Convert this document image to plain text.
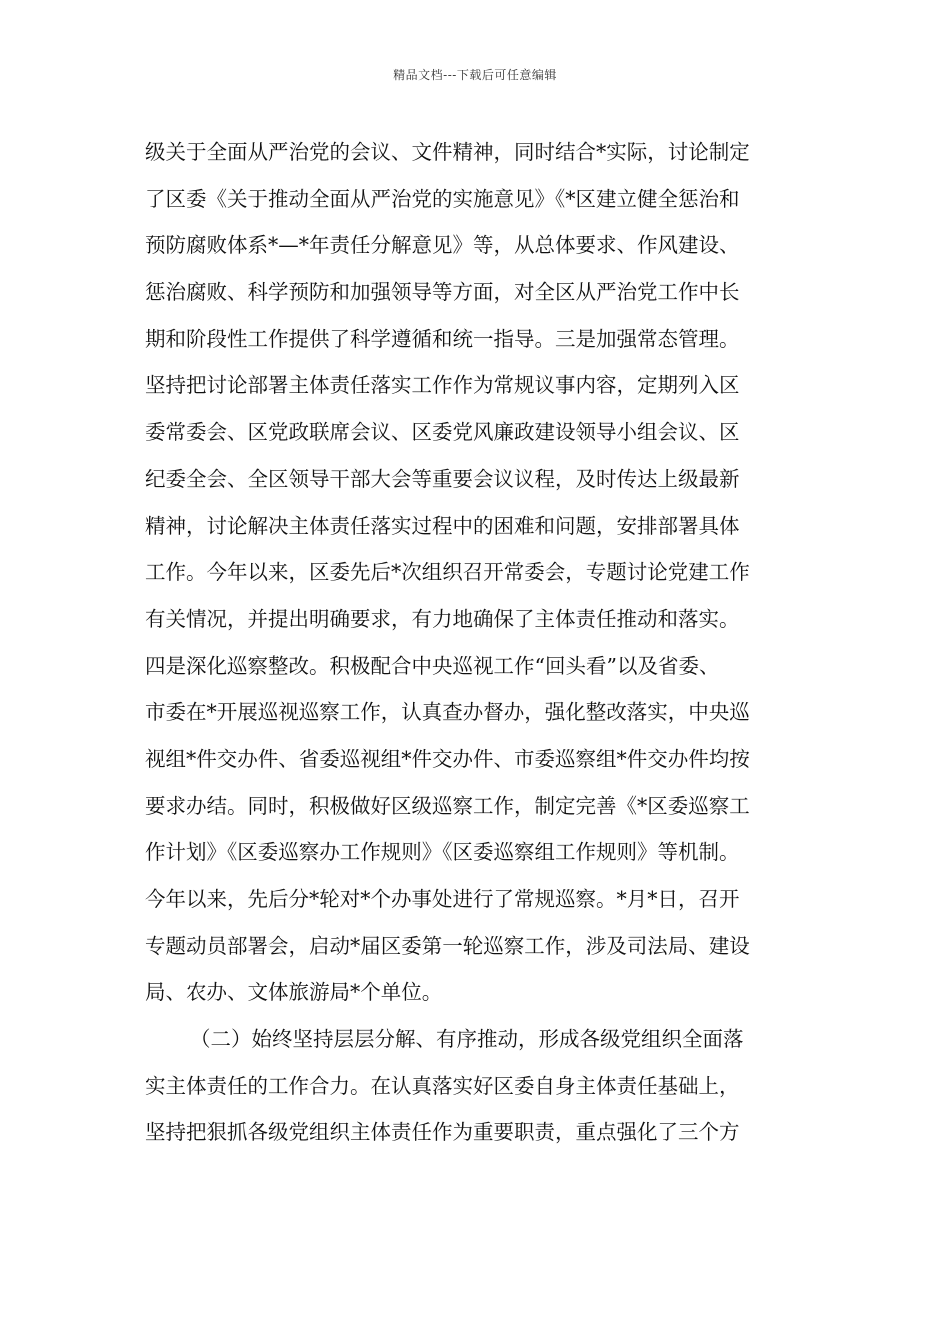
精品文档---下载后可任意编辑
级关于全面从严治党的会议、文件精神，同时结合*实际，讨论制定
了区委《关于推动全面从严治党的实施意见》《*区建立健全惩治和
预防腐败体系*—*年责任分解意见》等，从总体要求、作风建设、
惩治腐败、科学预防和加强领导等方面，对全区从严治党工作中长
期和阶段性工作提供了科学遵循和统一指导。三是加强常态管理。
坚持把讨论部署主体责任落实工作作为常规议事内容，定期列入区
委常委会、区党政联席会议、区委党风廉政建设领导小组会议、区
纪委全会、全区领导干部大会等重要会议议程，及时传达上级最新
精神，讨论解决主体责任落实过程中的困难和问题，安排部署具体
工作。今年以来，区委先后*次组织召开常委会，专题讨论党建工作
有关情况，并提出明确要求，有力地确保了主体责任推动和落实。
四是深化巡察整改。积极配合中央巡视工作“回头看”以及省委、
市委在*开展巡视巡察工作，认真查办督办，强化整改落实，中央巡
视组*件交办件、省委巡视组*件交办件、市委巡察组*件交办件均按
要求办结。同时，积极做好区级巡察工作，制定完善《*区委巡察工
作计划》《区委巡察办工作规则》《区委巡察组工作规则》等机制。
今年以来，先后分*轮对*个办事处进行了常规巡察。*月*日，召开
专题动员部署会，启动*届区委第一轮巡察工作，涉及司法局、建设
局、农办、文体旅游局*个单位。
（二）始终坚持层层分解、有序推动，形成各级党组织全面落
实主体责任的工作合力。在认真落实好区委自身主体责任基础上，
坚持把狠抓各级党组织主体责任作为重要职责，重点强化了三个方
